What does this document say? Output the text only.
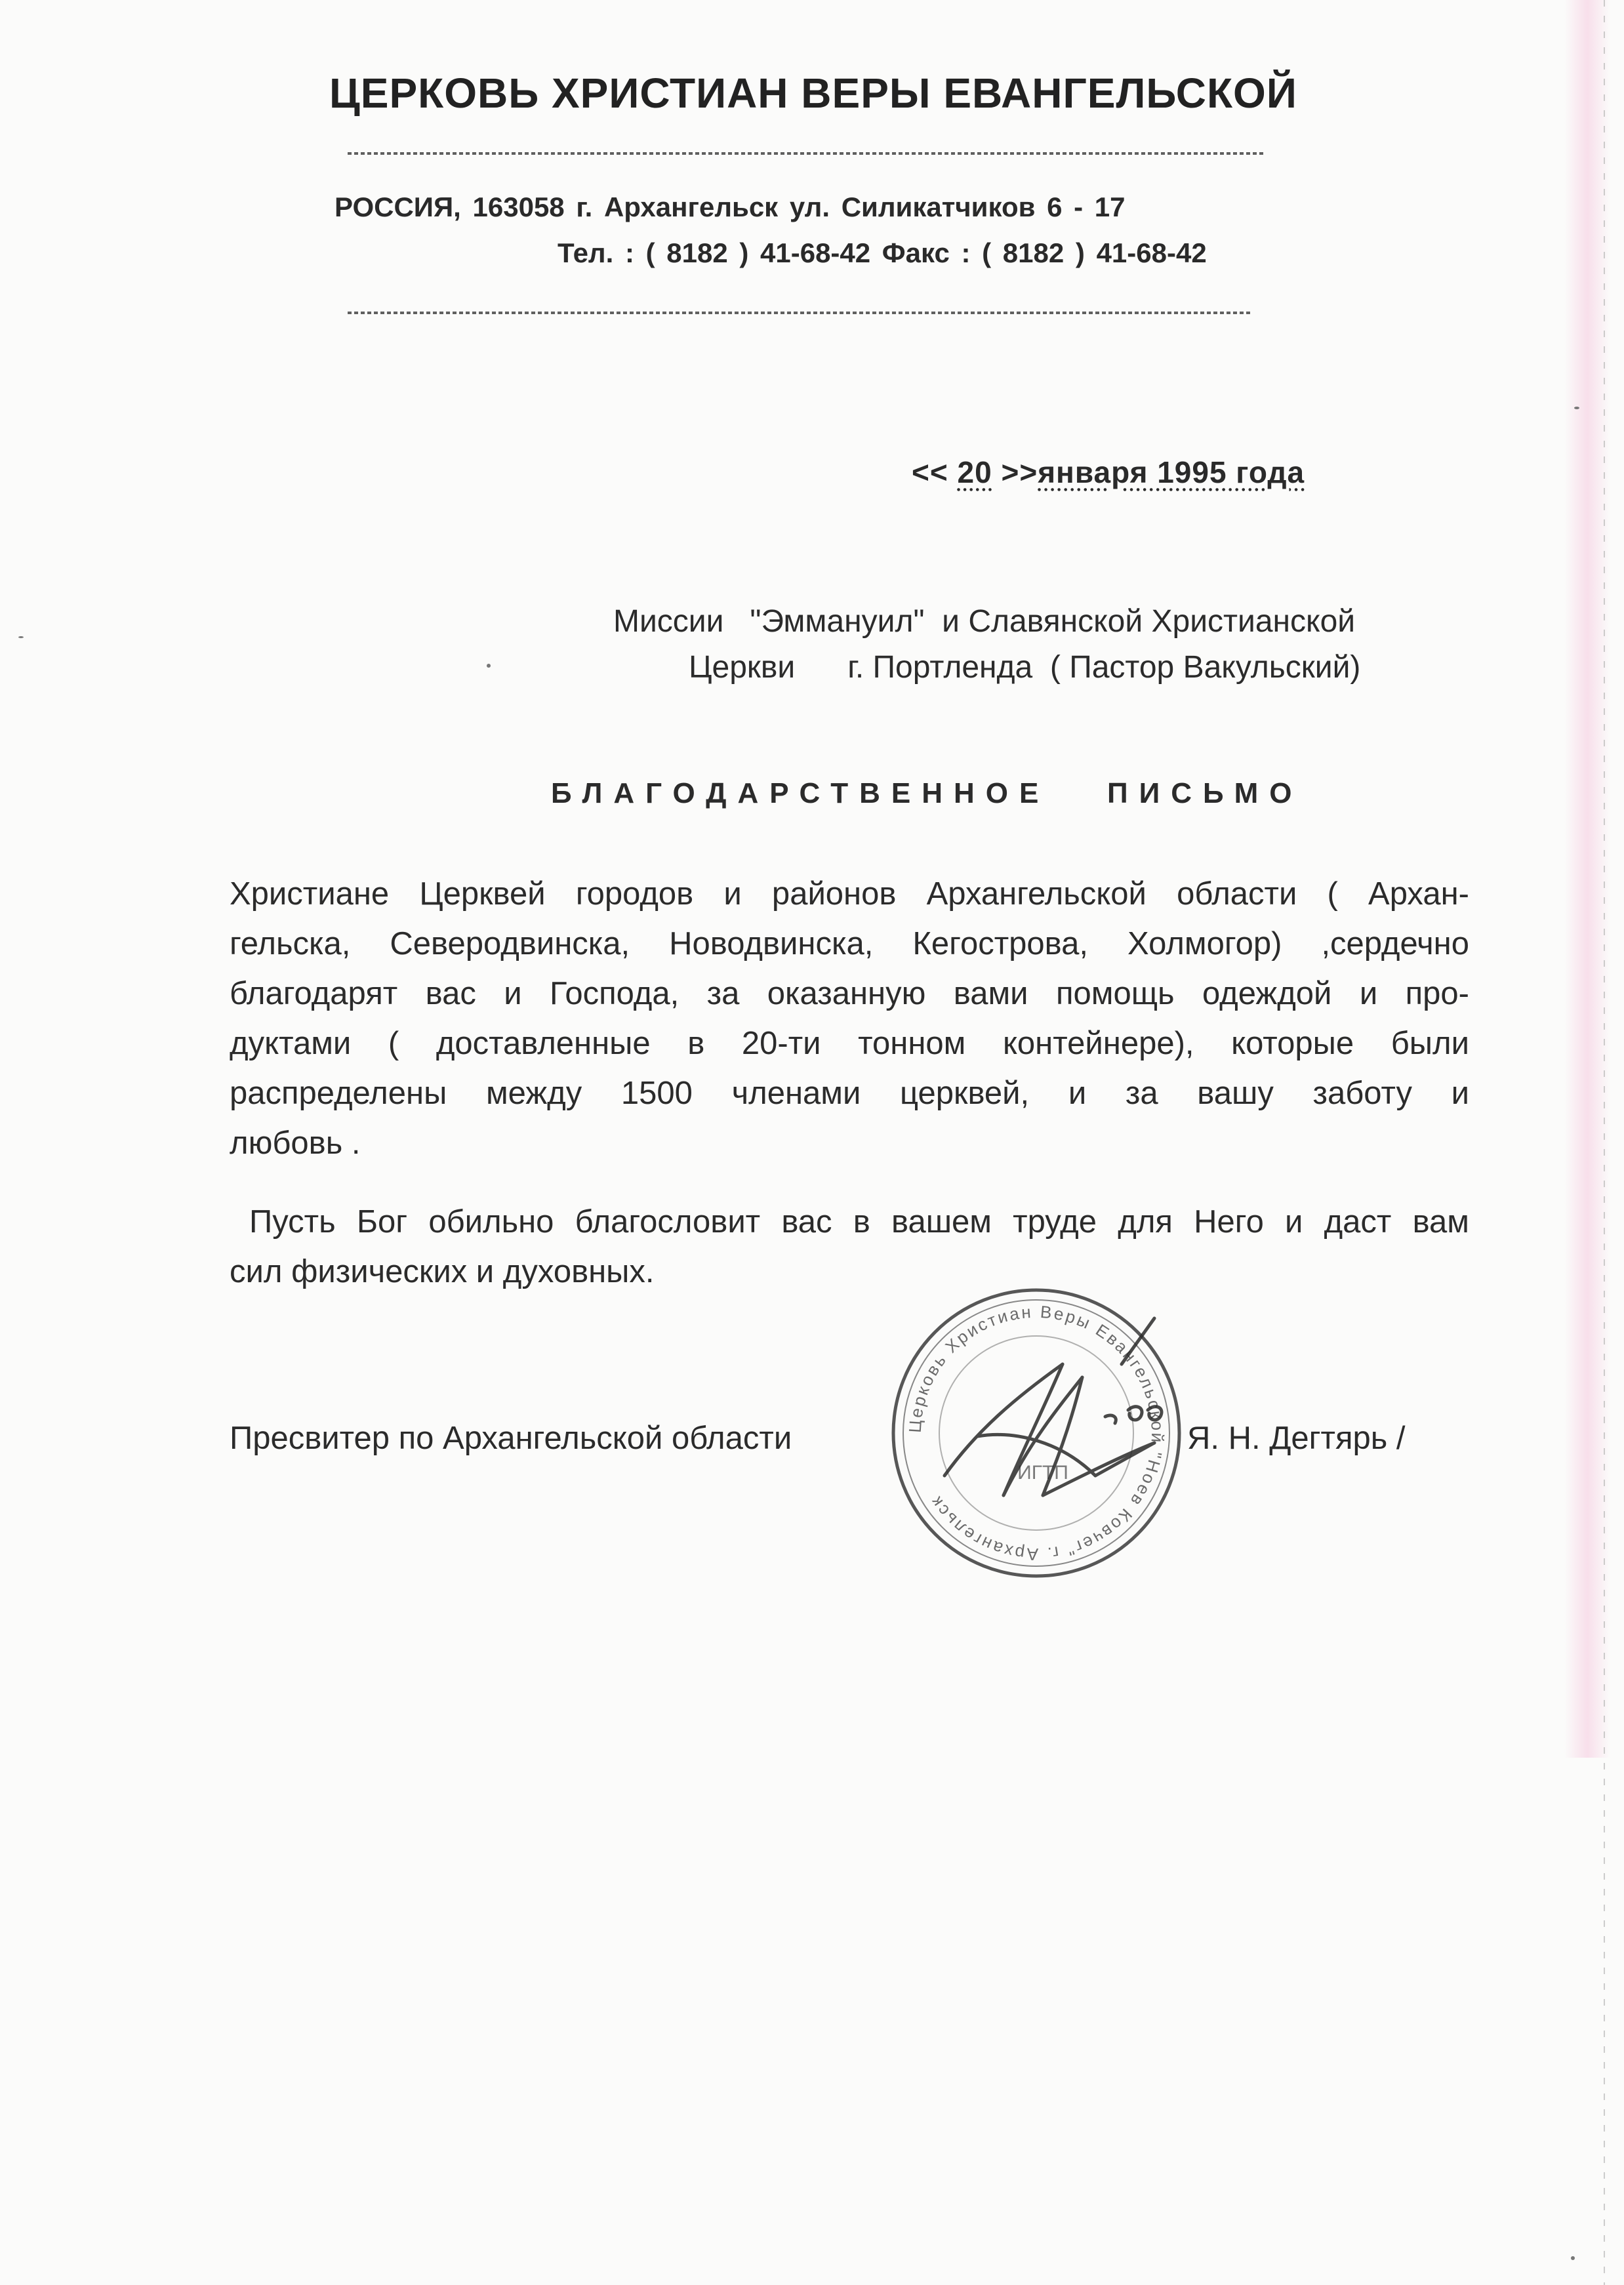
ЦЕРКОВЬ ХРИСТИАН ВЕРЫ ЕВАНГЕЛЬСКОЙ
РОССИЯ, 163058 г. Архангельск ул. Силикатчиков 6 - 17
Тел. : ( 8182 ) 41-68-42 Факс : ( 8182 ) 41-68-42
<< 20 >>января 1995 года
Миссии   "Эммануил"  и Славянской Христианской
Церкви      г. Портленда  ( Пастор Вакульский)
БЛАГОДАРСТВЕННОЕ   ПИСЬМО
Христиане Церквей городов и районов Архангельской области ( Архан-
гельска, Северодвинска, Новодвинска, Кегострова, Холмогор) ,сердечно
благодарят вас и Господа, за оказанную вами помощь одеждой и про-
дуктами ( доставленные в 20-ти тонном контейнере), которые были
распределены между 1500 членами церквей, и за вашу заботу и
любовь .
Пусть Бог обильно благословит вас в вашем труде для Него и даст вам
сил физических и духовных.
Пресвитер по Архангельской области	Церковь Христиан Веры Евангельской "Ноев Ковчег" г. Архангельск
ИГТП
Я. Н. Дегтярь /
